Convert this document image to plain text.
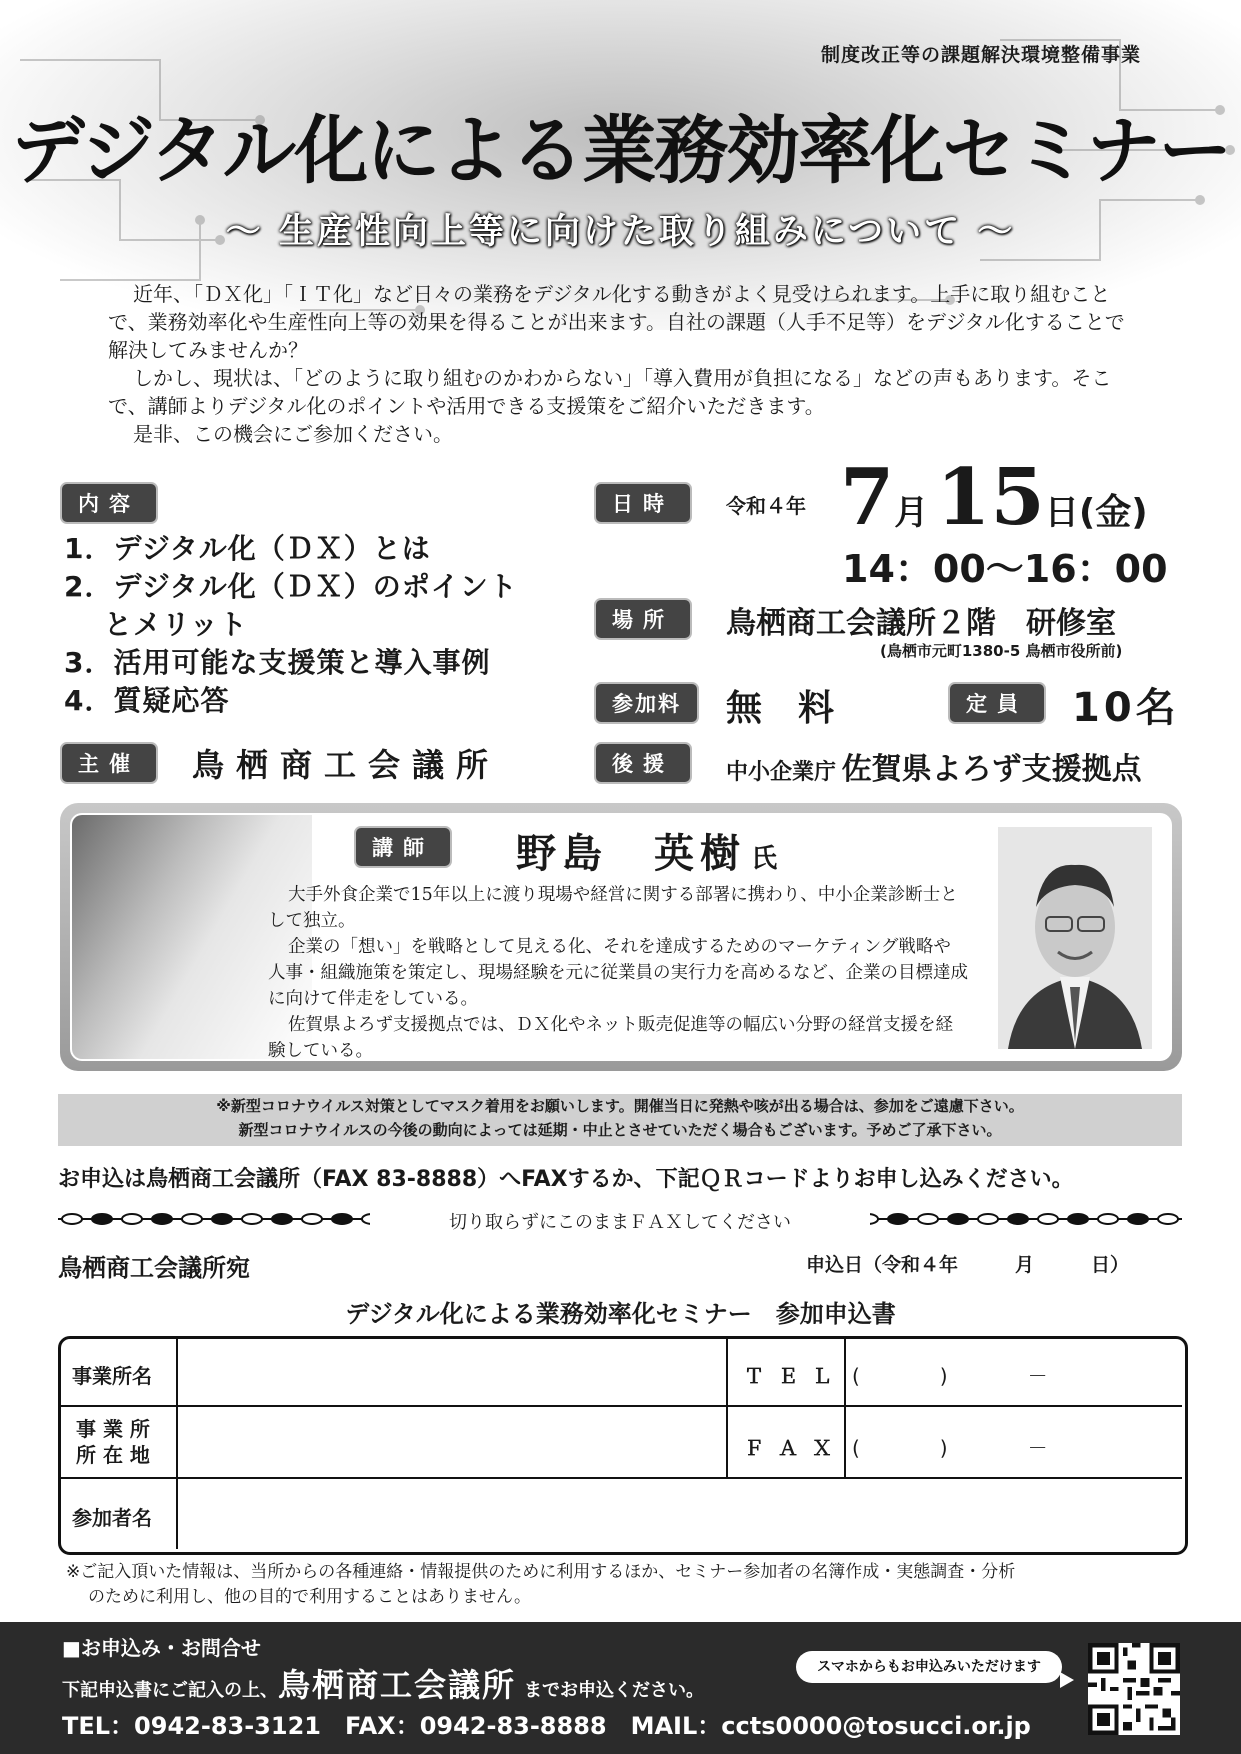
制度改正等の課題解決環境整備事業
デジタル化による業務効率化セミナー
～ 生産性向上等に向けた取り組みについて ～

近年、「ＤＸ化」「ＩＴ化」など日々の業務をデジタル化する動きがよく見受けられます。上手に取り組むことで、業務効率化や生産性向上等の効果を得ることが出来ます。自社の課題（人手不足等）をデジタル化することで解決してみませんか？

しかし、現状は、「どのように取り組むのかわからない」「導入費用が負担になる」などの声もあります。そこで、講師よりデジタル化のポイントや活用できる支援策をご紹介いただきます。

是非、この機会にご参加ください。

内容
1．デジタル化（ＤＸ）とは
2．デジタル化（ＤＸ）のポイント
とメリット
3．活用可能な支援策と導入事例
4．質疑応答
主催	鳥栖商工会議所
日時	令和４年 7月 15日(金)
14：00～16：00
場所	鳥栖商工会議所２階　研修室
(鳥栖市元町1380-5 鳥栖市役所前)
参加料	無　料	定員	10名
後援	中小企業庁 佐賀県よろず支援拠点
講師	野島　英樹 氏

大手外食企業で15年以上に渡り現場や経営に関する部署に携わり、中小企業診断士として独立。

企業の「想い」を戦略として見える化、それを達成するためのマーケティング戦略や人事・組織施策を策定し、現場経験を元に従業員の実行力を高めるなど、企業の目標達成に向けて伴走をしている。

佐賀県よろず支援拠点では、ＤＸ化やネット販売促進等の幅広い分野の経営支援を経験している。

※新型コロナウイルス対策としてマスク着用をお願いします。開催当日に発熱や咳が出る場合は、参加をご遠慮下さい。
新型コロナウイルスの今後の動向によっては延期・中止とさせていただく場合もございます。予めご了承下さい。
お申込は鳥栖商工会議所（FAX 83-8888）へFAXするか、下記ＱＲコードよりお申し込みください。
切り取らずにこのままＦＡＸしてください
鳥栖商工会議所宛	申込日（令和４年　　　月　　　日）
デジタル化による業務効率化セミナー　参加申込書
事業所名	ＴＥＬ (　　　　)　　　　－
事 業 所
所 在 地	ＦＡＸ (　　　　)　　　　－
参加者名
※ご記入頂いた情報は、当所からの各種連絡・情報提供のために利用するほか、セミナー参加者の名簿作成・実態調査・分析
のために利用し、他の目的で利用することはありません。
■お申込み・お問合せ
下記申込書にご記入の上、鳥栖商工会議所 までお申込ください。
スマホからもお申込みいただけます
TEL：0942-83-3121　FAX：0942-83-8888　MAIL：ccts0000@tosucci.or.jp
